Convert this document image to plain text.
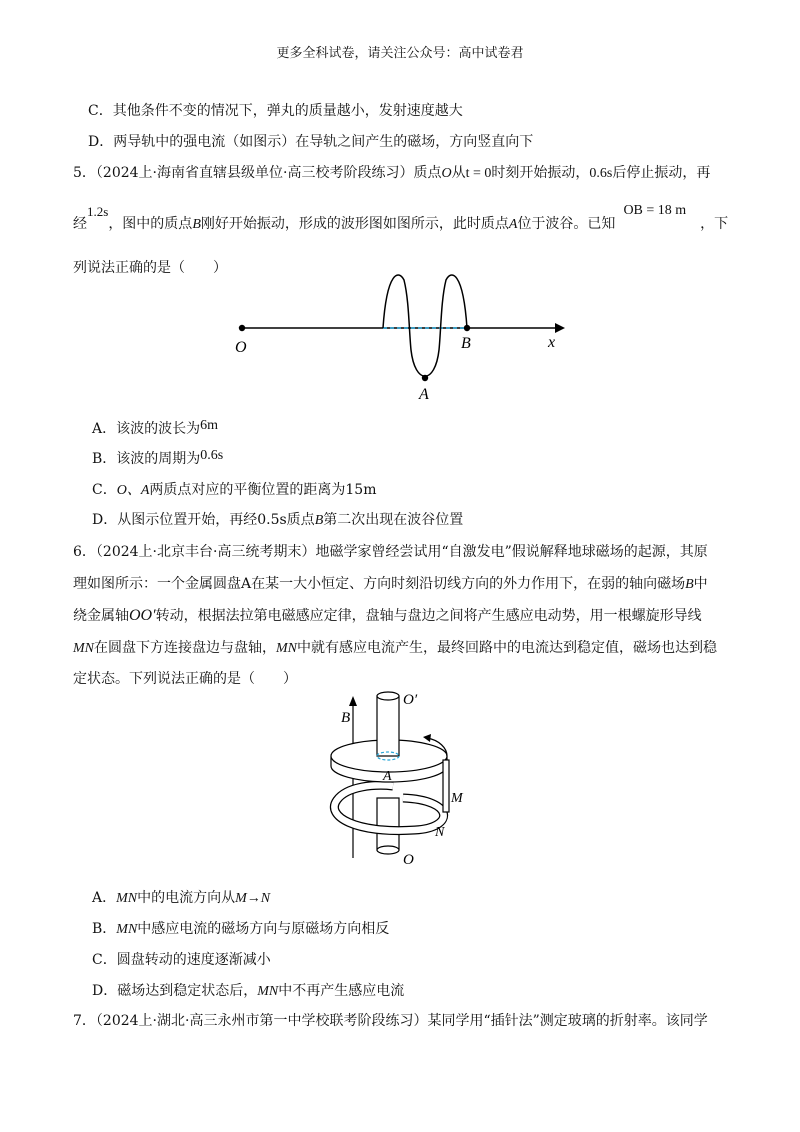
更多全科试卷，请关注公众号：高中试卷君
C．其他条件不变的情况下，弹丸的质量越小，发射速度越大
D．两导轨中的强电流（如图示）在导轨之间产生的磁场，方向竖直向下
5．（2024上·海南省直辖县级单位·高三校考阶段练习）质点O从t = 0时刻开始振动，0.6s后停止振动，再
经1.2s，图中的质点B刚好开始振动，形成的波形图如图所示，此时质点A位于波谷。已知OB = 18 m，下
列说法正确的是（　　）
O	B	x
A
A．该波的波长为6m
B．该波的周期为0.6s
C．O、A两质点对应的平衡位置的距离为15m
D．从图示位置开始，再经0.5s质点B第二次出现在波谷位置
6．（2024上·北京丰台·高三统考期末）地磁学家曾经尝试用“自激发电”假说解释地球磁场的起源，其原
理如图所示：一个金属圆盘A在某一大小恒定、方向时刻沿切线方向的外力作用下，在弱的轴向磁场B中
绕金属轴OO′转动，根据法拉第电磁感应定律，盘轴与盘边之间将产生感应电动势，用一根螺旋形导线
MN在圆盘下方连接盘边与盘轴，MN中就有感应电流产生，最终回路中的电流达到稳定值，磁场也达到稳
定状态。下列说法正确的是（　　）
B
O′
A
M
N
O
A．MN中的电流方向从M→N
B．MN中感应电流的磁场方向与原磁场方向相反
C．圆盘转动的速度逐渐减小
D．磁场达到稳定状态后，MN中不再产生感应电流
7．（2024上·湖北·高三永州市第一中学校联考阶段练习）某同学用“插针法”测定玻璃的折射率。该同学
